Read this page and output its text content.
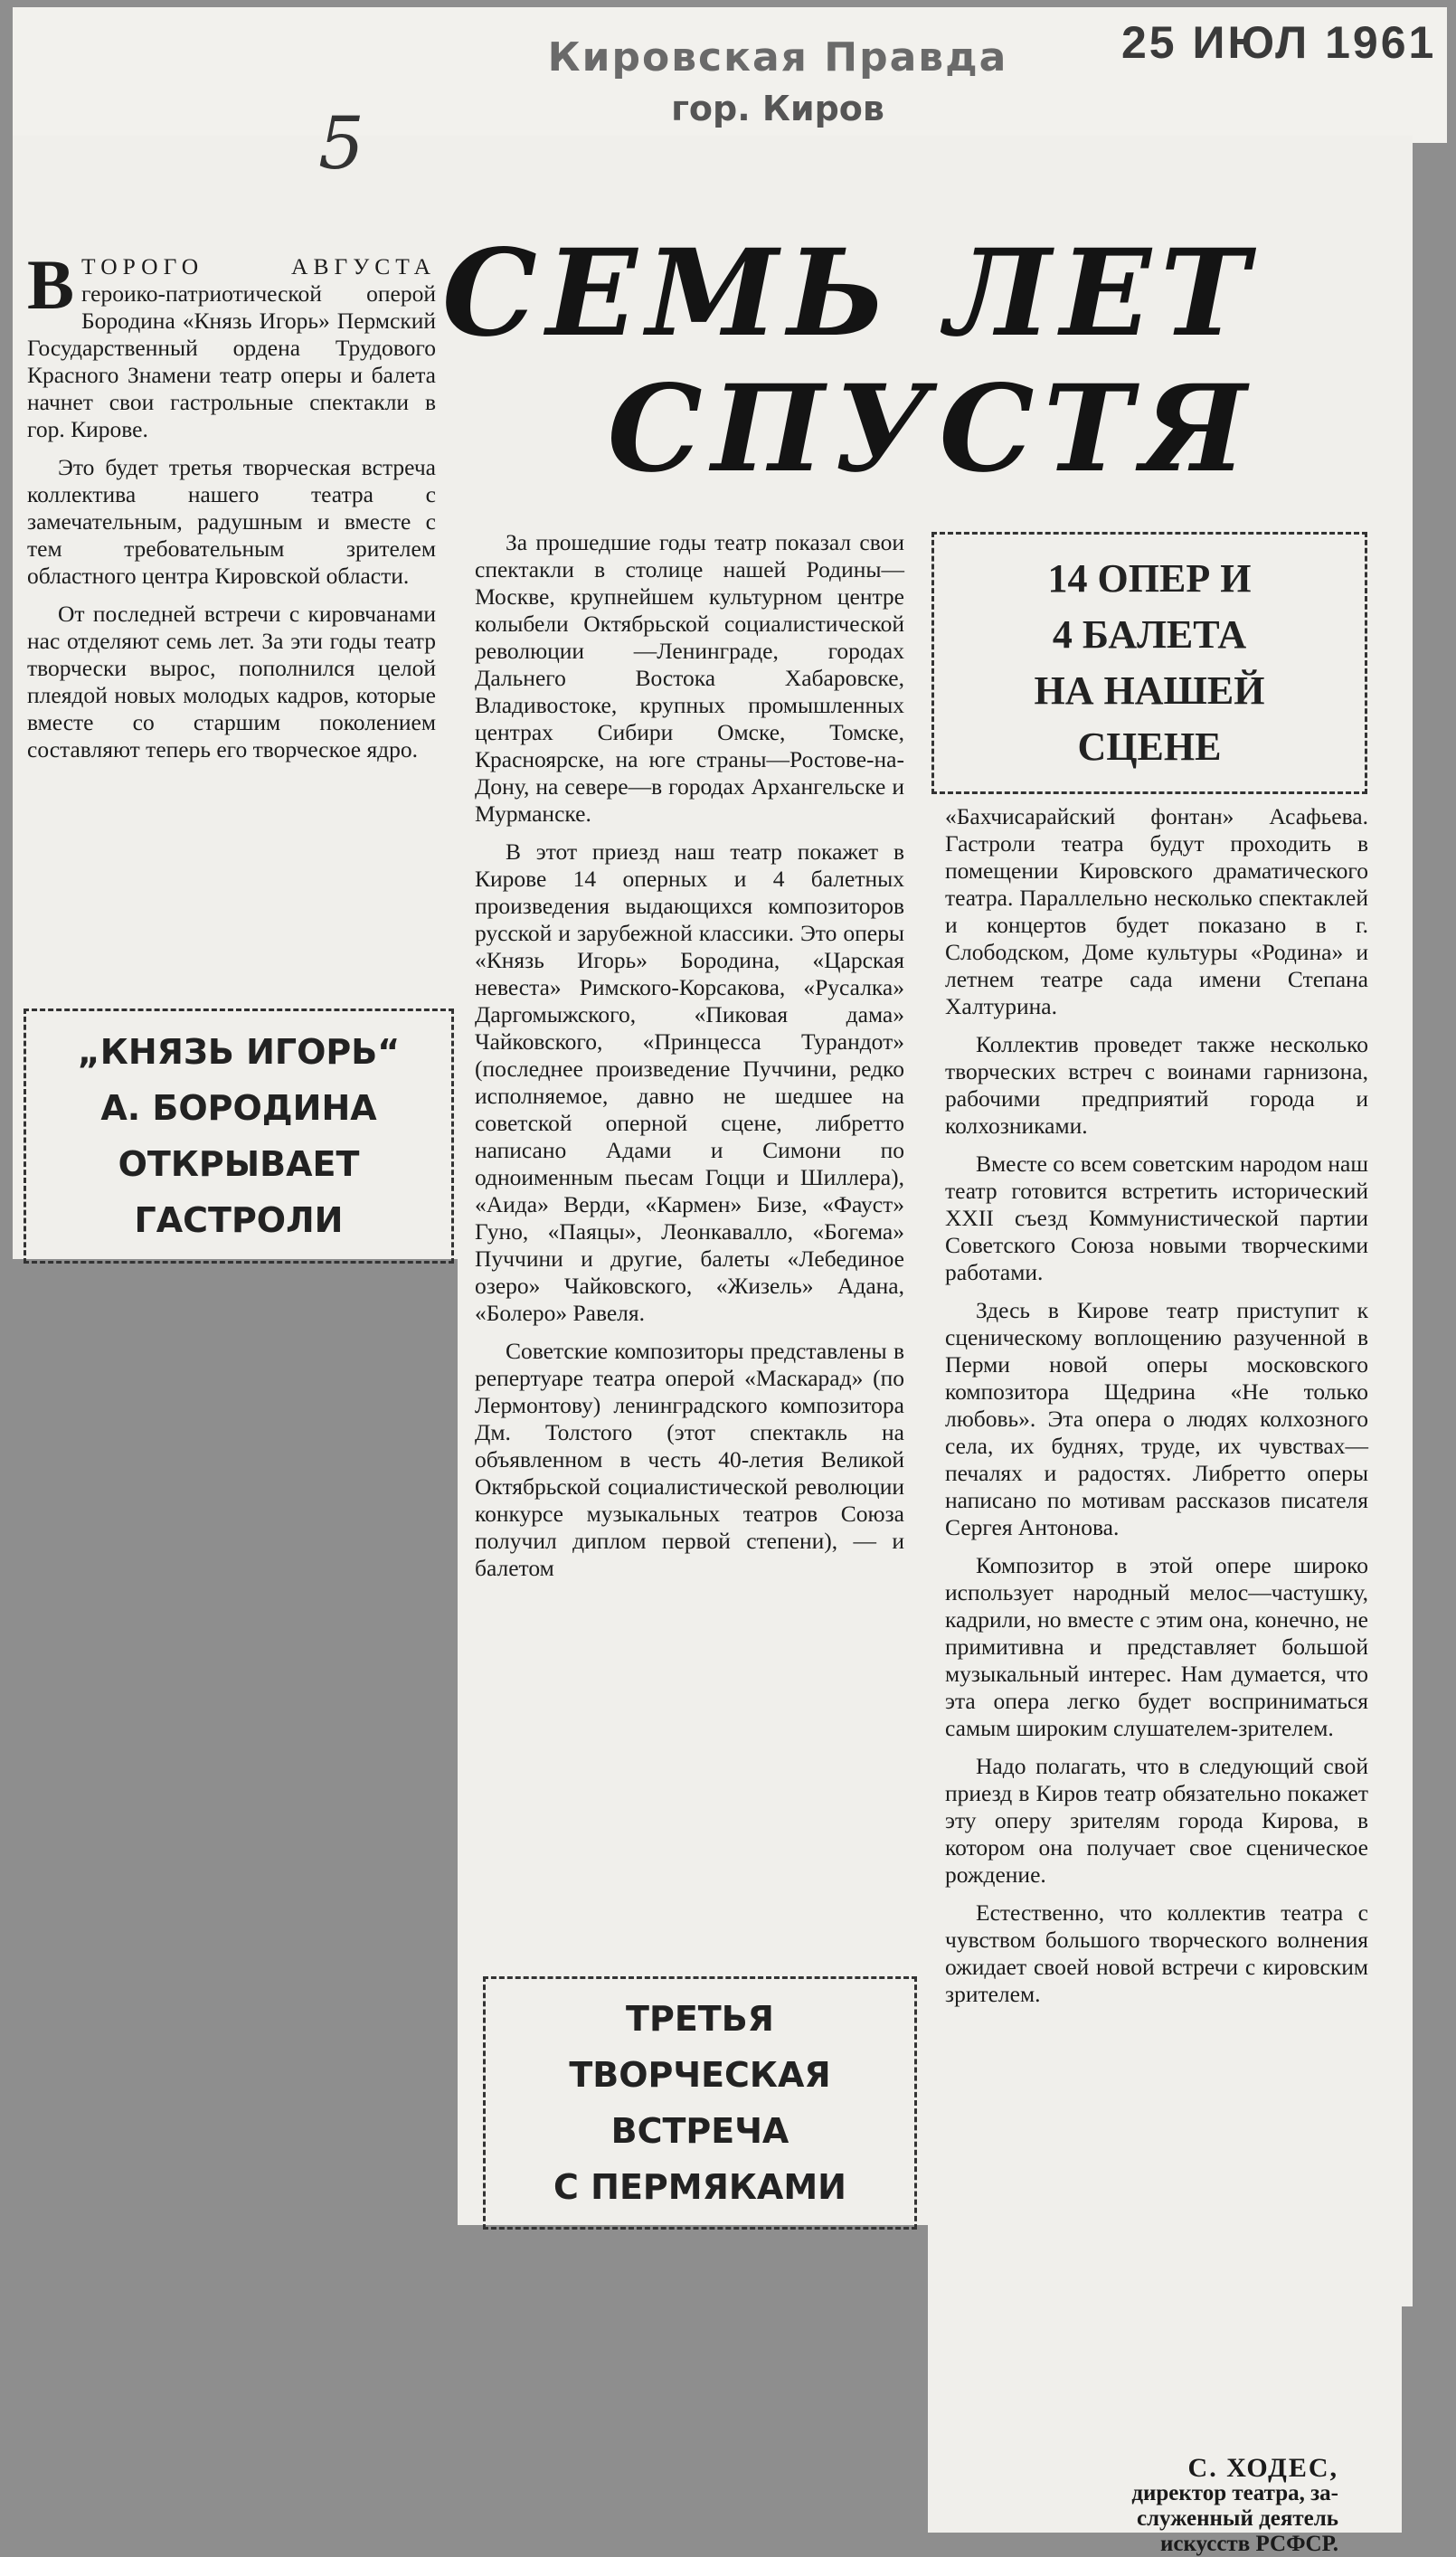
Кировская Правда
гор. Киров
25 ИЮЛ 1961
5
СЕМЬ ЛЕТ
СПУСТЯ

ВТОРОГО АВГУСТА героико-патриотической оперой Бородина «Князь Игорь» Пермский Государственный ордена Трудового Красного Знамени театр оперы и балета начнет свои гастрольные спектакли в гор. Кирове.

Это будет третья творческая встреча коллектива нашего театра с замечательным, радушным и вместе с тем требовательным зрителем областного центра Кировской области.

От последней встречи с кировчанами нас отделяют семь лет. За эти годы театр творчески вырос, пополнился целой плеядой новых молодых кадров, которые вместе со старшим поколением составляют теперь его творческое ядро.

„КНЯЗЬ ИГОРЬ“
А. БОРОДИНА
ОТКРЫВАЕТ
ГАСТРОЛИ

За прошедшие годы театр показал свои спектакли в столице нашей Родины—Москве, крупнейшем культурном центре колыбели Октябрьской социалистической революции —Ленинграде, городах Дальнего Востока Хабаровске, Владивостоке, крупных промышленных центрах Сибири Омске, Томске, Красноярске, на юге страны—Ростове-на-Дону, на севере—в городах Архангельске и Мурманске.

В этот приезд наш театр покажет в Кирове 14 оперных и 4 балетных произведения выдающихся композиторов русской и зарубежной классики. Это оперы «Князь Игорь» Бородина, «Царская невеста» Римского-Корсакова, «Русалка» Даргомыжского, «Пиковая дама» Чайковского, «Принцесса Турандот» (последнее произведение Пуччини, редко исполняемое, давно не шедшее на советской оперной сцене, либретто написано Адами и Симони по одноименным пьесам Гоцци и Шиллера), «Аида» Верди, «Кармен» Бизе, «Фауст» Гуно, «Паяцы», Леонкавалло, «Богема» Пуччини и другие, балеты «Лебединое озеро» Чайковского, «Жизель» Адана, «Болеро» Равеля.

Советские композиторы представлены в репертуаре театра оперой «Маскарад» (по Лермонтову) ленинградского композитора Дм. Толстого (этот спектакль на объявленном в честь 40-летия Великой Октябрьской социалистической революции конкурсе музыкальных театров Союза получил диплом первой степени), — и балетом

ТРЕТЬЯ
ТВОРЧЕСКАЯ
ВСТРЕЧА
С ПЕРМЯКАМИ
14 ОПЕР И
4 БАЛЕТА
НА НАШЕЙ
СЦЕНЕ

«Бахчисарайский фонтан» Асафьева. Гастроли театра будут проходить в помещении Кировского драматического театра. Параллельно несколько спектаклей и концертов будет показано в г. Слободском, Доме культуры «Родина» и летнем театре сада имени Степана Халтурина.

Коллектив проведет также несколько творческих встреч с воинами гарнизона, рабочими предприятий города и колхозниками.

Вместе со всем советским народом наш театр готовится встретить исторический XXII съезд Коммунистической партии Советского Союза новыми творческими работами.

Здесь в Кирове театр приступит к сценическому воплощению разученной в Перми новой оперы московского композитора Щедрина «Не только любовь». Эта опера о людях колхозного села, их буднях, труде, их чувствах—печалях и радостях. Либретто оперы написано по мотивам рассказов писателя Сергея Антонова.

Композитор в этой опере широко использует народный мелос—частушку, кадрили, но вместе с этим она, конечно, не примитивна и представляет большой музыкальный интерес. Нам думается, что эта опера легко будет восприниматься самым широким слушателем-зрителем.

Надо полагать, что в следующий свой приезд в Киров театр обязательно покажет эту оперу зрителям города Кирова, в котором она получает свое сценическое рождение.

Естественно, что коллектив театра с чувством большого творческого волнения ожидает своей новой встречи с кировским зрителем.

С. ХОДЕС,
директор театра, за-
служенный деятель
искусств РСФСР.
